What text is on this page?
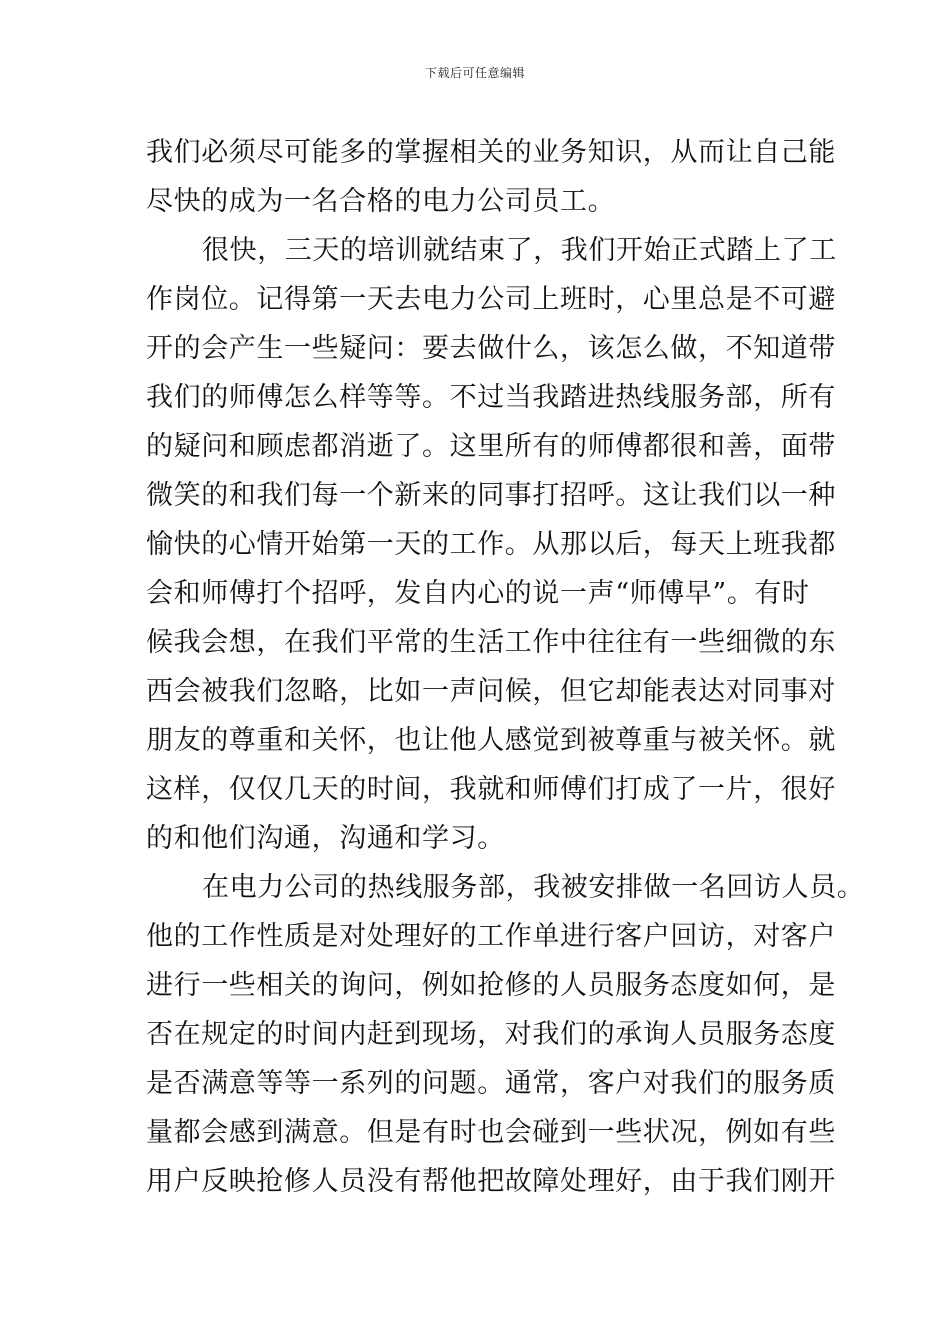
下载后可任意编辑
我们必须尽可能多的掌握相关的业务知识，从而让自己能
尽快的成为一名合格的电力公司员工。
很快，三天的培训就结束了，我们开始正式踏上了工
作岗位。记得第一天去电力公司上班时，心里总是不可避
开的会产生一些疑问：要去做什么，该怎么做，不知道带
我们的师傅怎么样等等。不过当我踏进热线服务部，所有
的疑问和顾虑都消逝了。这里所有的师傅都很和善，面带
微笑的和我们每一个新来的同事打招呼。这让我们以一种
愉快的心情开始第一天的工作。从那以后，每天上班我都
会和师傅打个招呼，发自内心的说一声“师傅早”。有时
候我会想，在我们平常的生活工作中往往有一些细微的东
西会被我们忽略，比如一声问候，但它却能表达对同事对
朋友的尊重和关怀，也让他人感觉到被尊重与被关怀。就
这样，仅仅几天的时间，我就和师傅们打成了一片，很好
的和他们沟通，沟通和学习。
在电力公司的热线服务部，我被安排做一名回访人员。
他的工作性质是对处理好的工作单进行客户回访，对客户
进行一些相关的询问，例如抢修的人员服务态度如何，是
否在规定的时间内赶到现场，对我们的承询人员服务态度
是否满意等等一系列的问题。通常，客户对我们的服务质
量都会感到满意。但是有时也会碰到一些状况，例如有些
用户反映抢修人员没有帮他把故障处理好，由于我们刚开
